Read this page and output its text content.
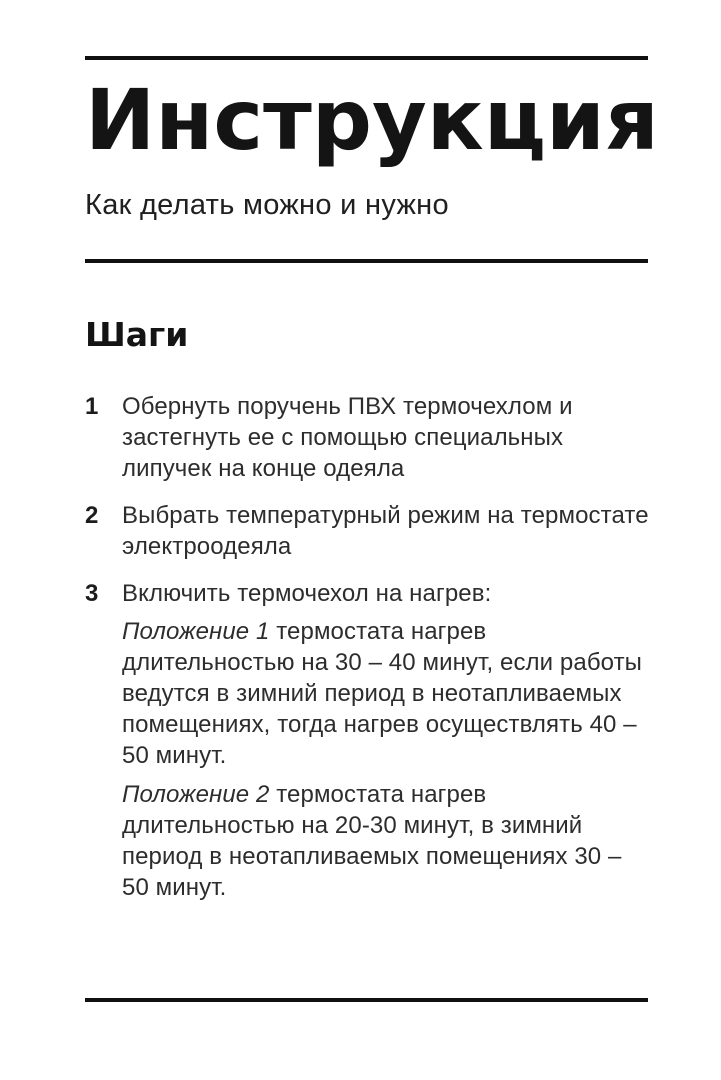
Инструкция

Как делать можно и нужно

Шаги
1 Обернуть поручень ПВХ термочехлом и застегнуть ее с помощью специальных липучек на конце одеяла

2 Выбрать температурный режим на термостате электроодеяла

3 Включить термочехол на нагрев:

Положение 1 термостата нагрев длительностью на 30 – 40 минут, если работы ведутся в зимний период в неотапливаемых помещениях, тогда нагрев осуществлять 40 – 50 минут.

Положение 2 термостата нагрев длительностью на 20-30 минут, в зимний период в неотапливаемых помещениях 30 – 50 минут.
